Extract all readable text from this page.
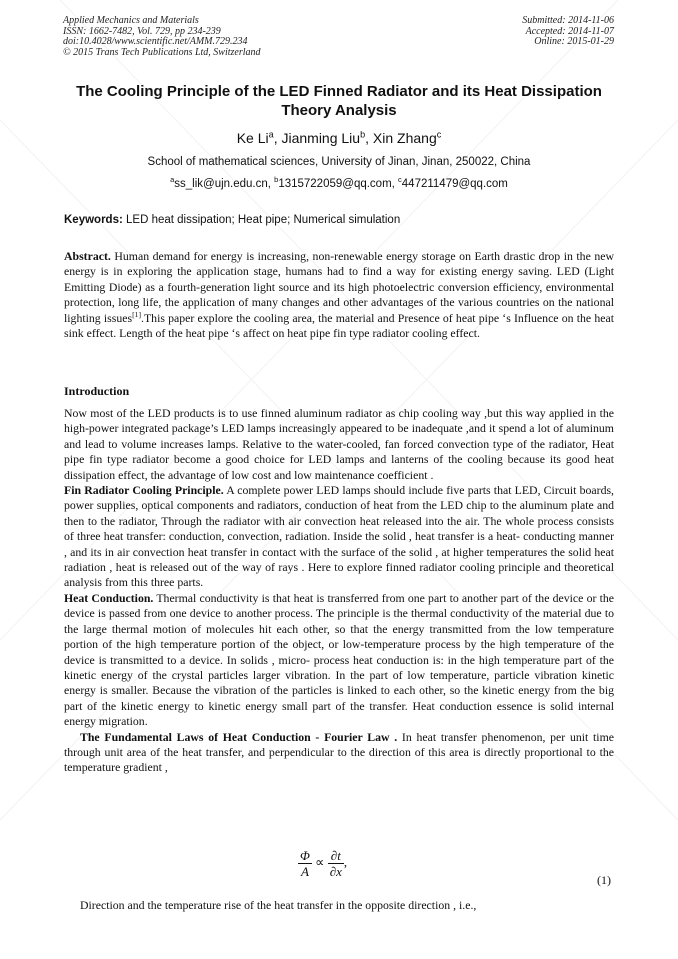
Applied Mechanics and Materials
ISSN: 1662-7482, Vol. 729, pp 234-239
doi:10.4028/www.scientific.net/AMM.729.234
© 2015 Trans Tech Publications Ltd, Switzerland
Submitted: 2014-11-06
Accepted: 2014-11-07
Online: 2015-01-29
The Cooling Principle of the LED Finned Radiator and its Heat Dissipation Theory Analysis
Ke Li$^a$, Jianming Liu$^b$, Xin Zhang$^c$
School of mathematical sciences, University of Jinan, Jinan, 250022, China
$^a$ss_lik@ujn.edu.cn, $^b$1315722059@qq.com, $^c$447211479@qq.com
Keywords: LED heat dissipation; Heat pipe; Numerical simulation
Abstract. Human demand for energy is increasing, non-renewable energy storage on Earth drastic drop in the new energy is in exploring the application stage, humans had to find a way for existing energy saving. LED (Light Emitting Diode) as a fourth-generation light source and its high photoelectric conversion efficiency, environmental protection, long life, the application of many changes and other advantages of the various countries on the national lighting issues[1].This paper explore the cooling area, the material and Presence of heat pipe ‘s Influence on the heat sink effect. Length of the heat pipe ‘s affect on heat pipe fin type radiator cooling effect.
Introduction
Now most of the LED products is to use finned aluminum radiator as chip cooling way ,but this way applied in the high-power integrated package’s LED lamps increasingly appeared to be inadequate ,and it spend a lot of aluminum and lead to volume increases lamps. Relative to the water-cooled, fan forced convection type of the radiator, Heat pipe fin type radiator become a good choice for LED lamps and lanterns of the cooling because its good heat dissipation effect, the advantage of low cost and low maintenance coefficient .
Fin Radiator Cooling Principle. A complete power LED lamps should include five parts that LED, Circuit boards, power supplies, optical components and radiators, conduction of heat from the LED chip to the aluminum plate and then to the radiator, Through the radiator with air convection heat released into the air. The whole process consists of three heat transfer: conduction, convection, radiation. Inside the solid , heat transfer is a heat- conducting manner , and its in air convection heat transfer in contact with the surface of the solid , at higher temperatures the solid heat radiation , heat is released out of the way of rays . Here to explore finned radiator cooling principle and theoretical analysis from this three parts.
Heat Conduction. Thermal conductivity is that heat is transferred from one part to another part of the device or the device is passed from one device to another process. The principle is the thermal conductivity of the material due to the large thermal motion of molecules hit each other, so that the energy transmitted from the low temperature portion of the high temperature portion of the object, or low-temperature process by the high temperature of the device is transmitted to a device. In solids , micro- process heat conduction is: in the high temperature part of the kinetic energy of the crystal particles larger vibration. In the part of low temperature, particle vibration kinetic energy is smaller. Because the vibration of the particles is linked to each other, so the kinetic energy from the big part of the kinetic energy to kinetic energy small part of the transfer. Heat conduction essence is solid internal energy migration.
The Fundamental Laws of Heat Conduction - Fourier Law . In heat transfer phenomenon, per unit time through unit area of the heat transfer, and perpendicular to the direction of this area is directly proportional to the temperature gradient ,
$\frac{\Phi}{A} \propto \frac{\partial t}{\partial x}$ ,
(1)
Direction and the temperature rise of the heat transfer in the opposite direction , i.e.,
